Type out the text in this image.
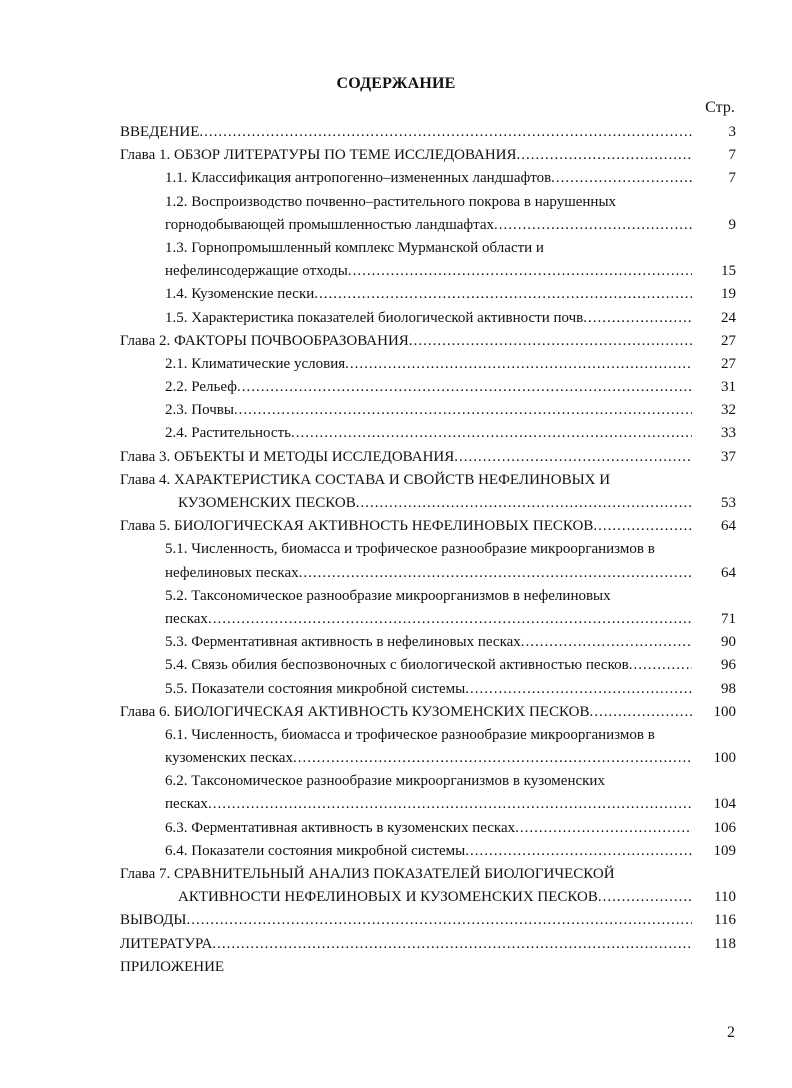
СОДЕРЖАНИЕ
Стр.
ВВЕДЕНИЕ .....	3
Глава 1. ОБЗОР ЛИТЕРАТУРЫ ПО ТЕМЕ ИССЛЕДОВАНИЯ .....	7
1.1. Классификация антропогенно–измененных ландшафтов .....	7
1.2. Воспроизводство почвенно–растительного покрова в нарушенных
горнодобывающей промышленностью ландшафтах .....	9
1.3. Горнопромышленный комплекс Мурманской области и
нефелинсодержащие отходы .....	15
1.4. Кузоменские пески .....	19
1.5. Характеристика показателей биологической активности почв .....	24
Глава 2. ФАКТОРЫ ПОЧВООБРАЗОВАНИЯ .....	27
2.1. Климатические условия .....	27
2.2. Рельеф .....	31
2.3. Почвы .....	32
2.4. Растительность .....	33
Глава 3. ОБЪЕКТЫ И МЕТОДЫ ИССЛЕДОВАНИЯ .....	37
Глава 4. ХАРАКТЕРИСТИКА СОСТАВА И СВОЙСТВ НЕФЕЛИНОВЫХ И
КУЗОМЕНСКИХ ПЕСКОВ .....	53
Глава 5. БИОЛОГИЧЕСКАЯ АКТИВНОСТЬ НЕФЕЛИНОВЫХ ПЕСКОВ .....	64
5.1. Численность, биомасса и трофическое разнообразие микроорганизмов в
нефелиновых песках .....	64
5.2. Таксономическое разнообразие микроорганизмов в нефелиновых
песках .....	71
5.3. Ферментативная активность в нефелиновых песках .....	90
5.4. Связь обилия беспозвоночных с биологической активностью песков .....	96
5.5. Показатели состояния микробной системы .....	98
Глава 6. БИОЛОГИЧЕСКАЯ АКТИВНОСТЬ КУЗОМЕНСКИХ ПЕСКОВ .....	100
6.1. Численность, биомасса и трофическое разнообразие микроорганизмов в
кузоменских песках .....	100
6.2. Таксономическое разнообразие микроорганизмов в кузоменских
песках .....	104
6.3. Ферментативная активность в кузоменских песках .....	106
6.4. Показатели состояния микробной системы .....	109
Глава 7. СРАВНИТЕЛЬНЫЙ АНАЛИЗ ПОКАЗАТЕЛЕЙ БИОЛОГИЧЕСКОЙ
АКТИВНОСТИ НЕФЕЛИНОВЫХ И КУЗОМЕНСКИХ ПЕСКОВ .....	110
ВЫВОДЫ .....	116
ЛИТЕРАТУРА .....	118
ПРИЛОЖЕНИЕ
2
